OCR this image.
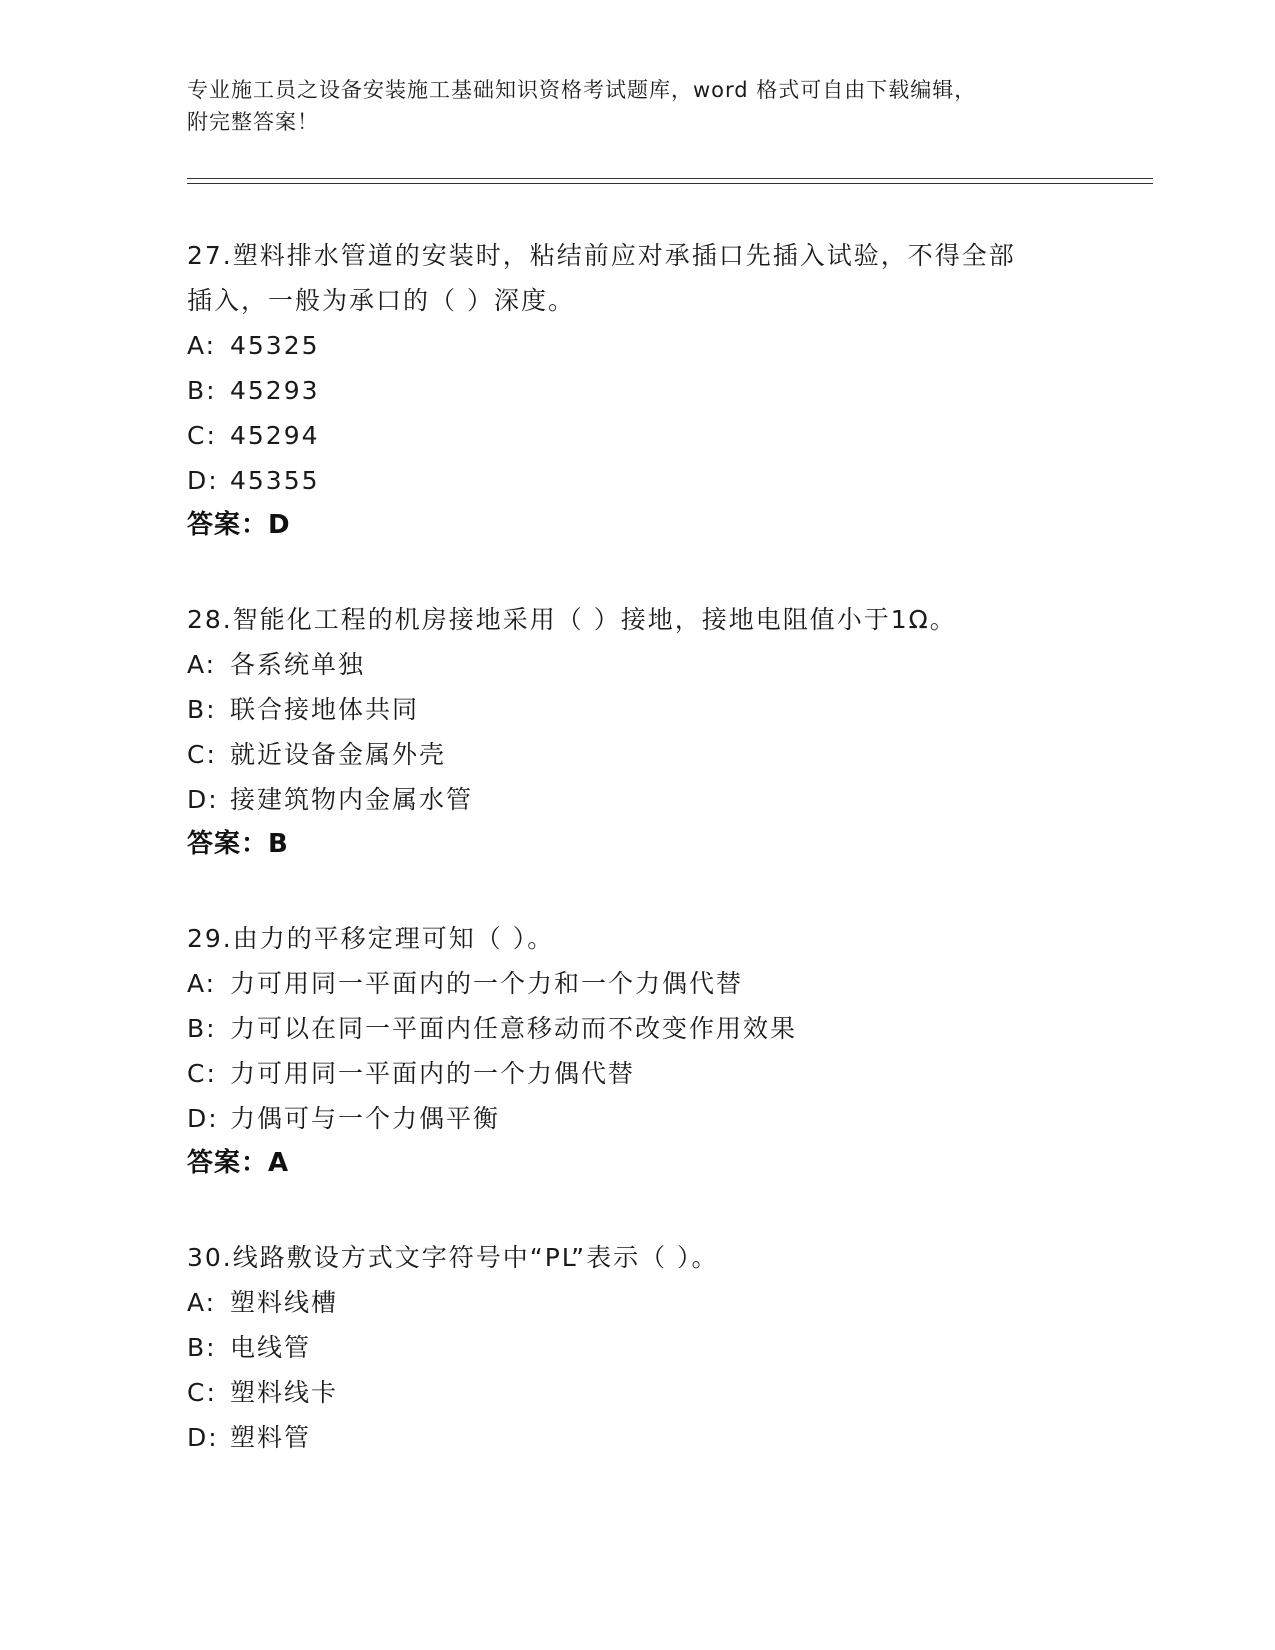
专业施工员之设备安装施工基础知识资格考试题库，word 格式可自由下载编辑，
附完整答案！
27.塑料排水管道的安装时，粘结前应对承插口先插入试验，不得全部
插入，一般为承口的（ ）深度。
A: 45325
B: 45293
C: 45294
D: 45355
答案：D
28.智能化工程的机房接地采用（ ）接地，接地电阻值小于1Ω。
A: 各系统单独
B: 联合接地体共同
C: 就近设备金属外壳
D: 接建筑物内金属水管
答案：B
29.由力的平移定理可知（ ）。
A: 力可用同一平面内的一个力和一个力偶代替
B: 力可以在同一平面内任意移动而不改变作用效果
C: 力可用同一平面内的一个力偶代替
D: 力偶可与一个力偶平衡
答案：A
30.线路敷设方式文字符号中“PL”表示（ ）。
A: 塑料线槽
B: 电线管
C: 塑料线卡
D: 塑料管
